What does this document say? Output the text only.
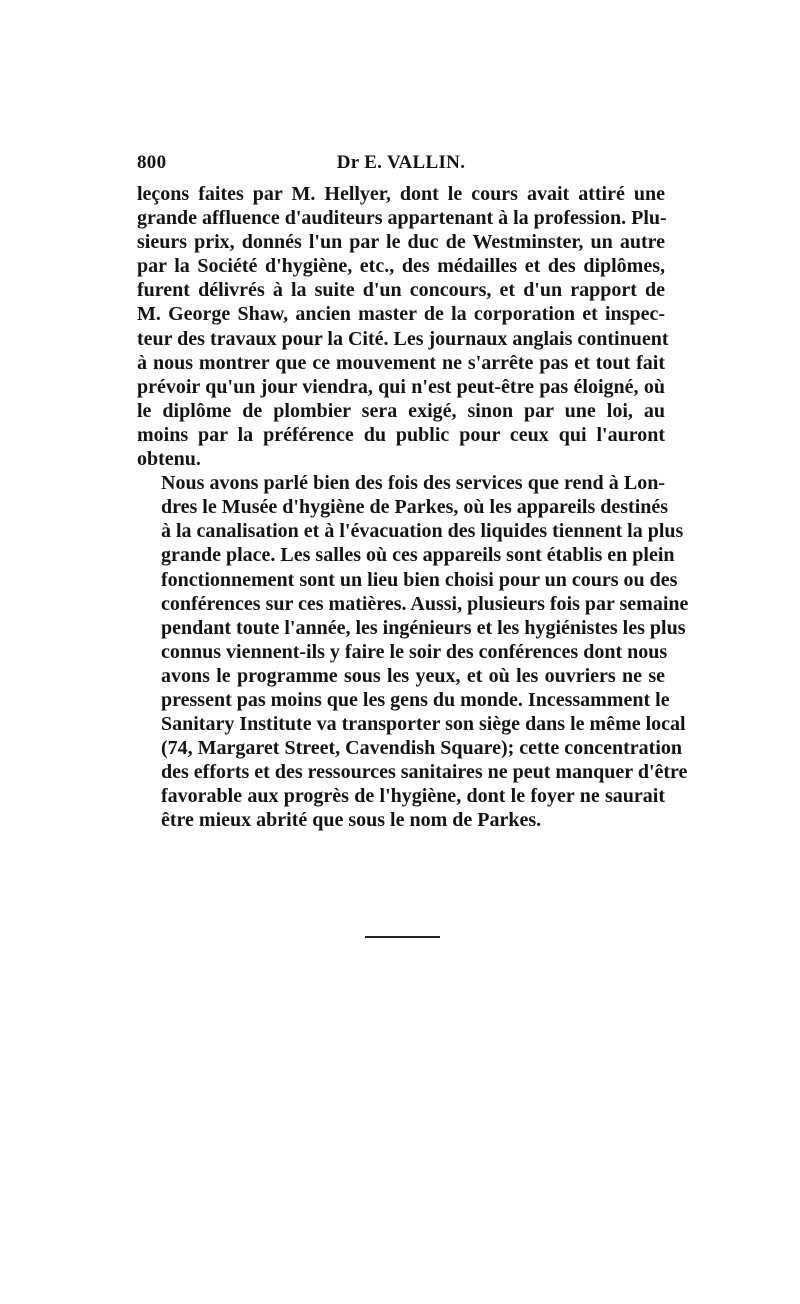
800	Dr E. VALLIN.

leçons faites par M. Hellyer, dont le cours avait attiré une
grande affluence d'auditeurs appartenant à la profession. Plu-
sieurs prix, donnés l'un par le duc de Westminster, un autre
par la Société d'hygiène, etc., des médailles et des diplômes,
furent délivrés à la suite d'un concours, et d'un rapport de
M. George Shaw, ancien master de la corporation et inspec-
teur des travaux pour la Cité. Les journaux anglais continuent
à nous montrer que ce mouvement ne s'arrête pas et tout fait
prévoir qu'un jour viendra, qui n'est peut-être pas éloigné, où
le diplôme de plombier sera exigé, sinon par une loi, au
moins par la préférence du public pour ceux qui l'auront
obtenu.

Nous avons parlé bien des fois des services que rend à Lon-
dres le Musée d'hygiène de Parkes, où les appareils destinés
à la canalisation et à l'évacuation des liquides tiennent la plus
grande place. Les salles où ces appareils sont établis en plein
fonctionnement sont un lieu bien choisi pour un cours ou des
conférences sur ces matières. Aussi, plusieurs fois par semaine
pendant toute l'année, les ingénieurs et les hygiénistes les plus
connus viennent-ils y faire le soir des conférences dont nous
avons le programme sous les yeux, et où les ouvriers ne se
pressent pas moins que les gens du monde. Incessamment le
Sanitary Institute va transporter son siège dans le même local
(74, Margaret Street, Cavendish Square); cette concentration
des efforts et des ressources sanitaires ne peut manquer d'être
favorable aux progrès de l'hygiène, dont le foyer ne saurait
être mieux abrité que sous le nom de Parkes.
